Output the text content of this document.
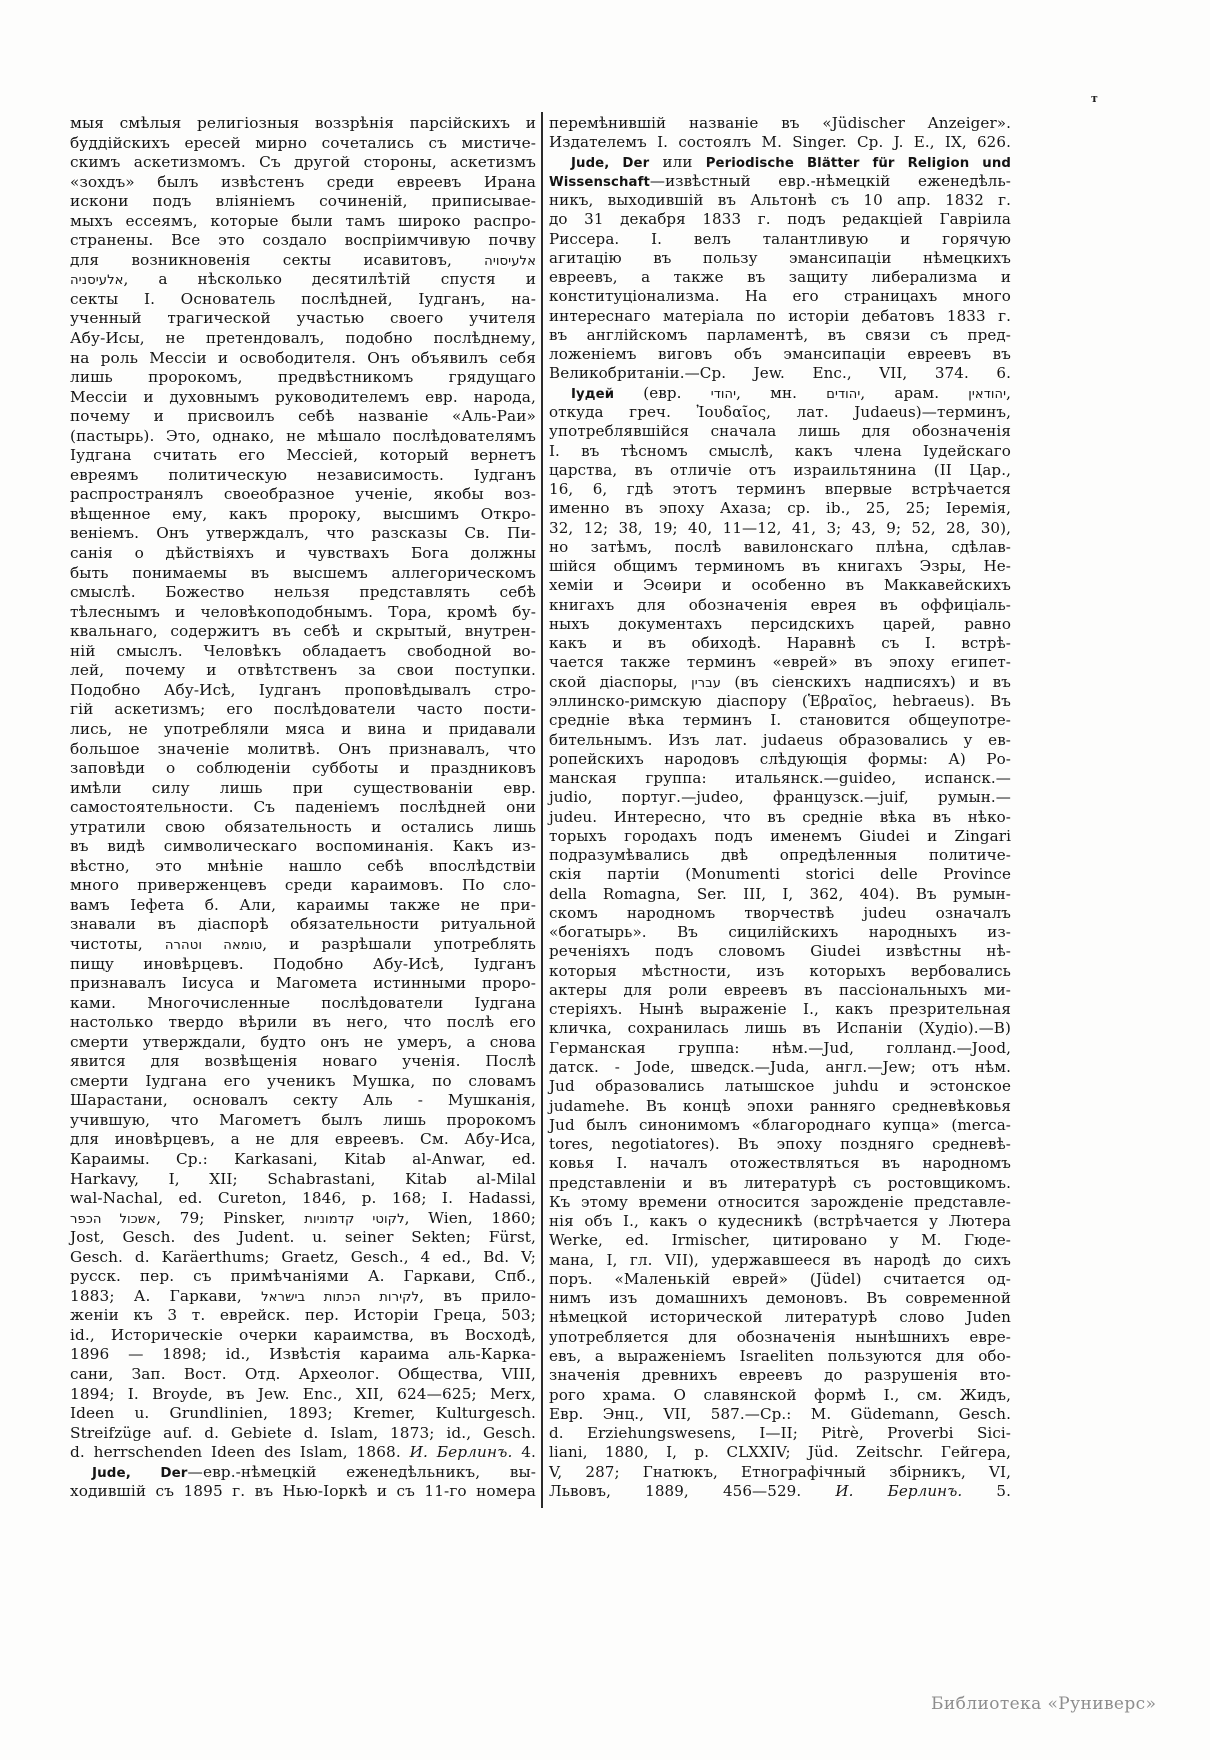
т
мыя смѣлыя религіозныя воззрѣнія парсійскихъ и
буддійскихъ ересей мирно сочетались съ мистиче-
скимъ аскетизмомъ. Съ другой стороны, аскетизмъ
«зохдъ» былъ извѣстенъ среди евреевъ Ирана
искони подъ вліяніемъ сочиненій, приписывае-
мыхъ ессеямъ, которые были тамъ широко распро-
странены. Все это создало воспріимчивую почву
для возникновенія секты исавитовъ, אלעיסויה
אלעיסניה, а нѣсколько десятилѣтій спустя и
секты І. Основатель послѣдней, Іудганъ, на-
ученный трагической участью своего учителя
Абу-Исы, не претендовалъ, подобно послѣднему,
на роль Мессіи и освободителя. Онъ объявилъ себя
лишь пророкомъ, предвѣстникомъ грядущаго
Мессіи и духовнымъ руководителемъ евр. народа,
почему и присвоилъ себѣ названіе «Аль-Раи»
(пастырь). Это, однако, не мѣшало послѣдователямъ
Іудгана считать его Мессіей, который вернетъ
евреямъ политическую независимость. Іудганъ
распространялъ своеобразное ученіе, якобы воз-
вѣщенное ему, какъ пророку, высшимъ Откро-
веніемъ. Онъ утверждалъ, что разсказы Св. Пи-
санія о дѣйствіяхъ и чувствахъ Бога должны
быть понимаемы въ высшемъ аллегорическомъ
смыслѣ. Божество нельзя представлять себѣ
тѣлеснымъ и человѣкоподобнымъ. Тора, кромѣ бу-
квальнаго, содержитъ въ себѣ и скрытый, внутрен-
ній смыслъ. Человѣкъ обладаетъ свободной во-
лей, почему и отвѣтственъ за свои поступки.
Подобно Абу-Исѣ, Іудганъ проповѣдывалъ стро-
гій аскетизмъ; его послѣдователи часто пости-
лись, не употребляли мяса и вина и придавали
большое значеніе молитвѣ. Онъ признавалъ, что
заповѣди о соблюденіи субботы и праздниковъ
имѣли силу лишь при существованіи евр.
самостоятельности. Съ паденіемъ послѣдней они
утратили свою обязательность и остались лишь
въ видѣ символическаго воспоминанія. Какъ из-
вѣстно, это мнѣніе нашло себѣ впослѣдствіи
много приверженцевъ среди караимовъ. По сло-
вамъ Іефета б. Али, караимы также не при-
знавали въ діаспорѣ обязательности ритуальной
чистоты, טומאה וטהרה, и разрѣшали употреблять
пищу иновѣрцевъ. Подобно Абу-Исѣ, Іудганъ
признавалъ Іисуса и Магомета истинными проро-
ками. Многочисленные послѣдователи Іудгана
настолько твердо вѣрили въ него, что послѣ его
смерти утверждали, будто онъ не умеръ, а снова
явится для возвѣщенія новаго ученія. Послѣ
смерти Іудгана его ученикъ Мушка, по словамъ
Шарастани, основалъ секту Аль - Мушканія,
учившую, что Магометъ былъ лишь пророкомъ
для иновѣрцевъ, а не для евреевъ. См. Абу-Иса,
Караимы. Ср.: Karkasani, Kitab al-Anwar, ed.
Harkavy, I, XII; Schabrastani, Kitab al-Milal
wal-Nachal, ed. Cureton, 1846, p. 168; I. Hadassi,
אשכול הכפר, 79; Pinsker, לקוטי קדמוניות, Wien, 1860;
Jost, Gesch. des Judent. u. seiner Sekten; Fürst,
Gesch. d. Karäerthums; Graetz, Gesch., 4 ed., Bd. V;
русск. пер. съ примѣчаніями А. Гаркави, Спб.,
1883; А. Гаркави, לקירות הכתות בישראל, въ прило-
женіи къ 3 т. еврейск. пер. Исторіи Греца, 503;
id., Историческіе очерки караимства, въ Восходѣ,
1896 — 1898; id., Извѣстія караима аль-Карка-
сани, Зап. Вост. Отд. Археолог. Общества, VIII,
1894; I. Broyde, въ Jew. Enc., XII, 624—625; Merx,
Ideen u. Grundlinien, 1893; Kremer, Kulturgesch.
Streifzüge auf. d. Gebiete d. Islam, 1873; id., Gesch.
d. herrschenden Ideen des Islam, 1868. И. Берлинъ. 4.
Jude, Der—евр.-нѣмецкій еженедѣльникъ, вы-
ходившій съ 1895 г. въ Нью-Іоркѣ и съ 11-го номера
перемѣнившій названіе въ «Jüdischer Anzeiger».
Издателемъ І. состоялъ M. Singer. Ср. J. E., IX, 626.
Jude, Der или Periodische Blätter für Religion und
Wissenschaft—извѣстный евр.-нѣмецкій еженедѣль-
никъ, выходившій въ Альтонѣ съ 10 апр. 1832 г.
до 31 декабря 1833 г. подъ редакціей Гавріила
Риссера. І. велъ талантливую и горячую
агитацію въ пользу эмансипаціи нѣмецкихъ
евреевъ, а также въ защиту либерализма и
конституціонализма. На его страницахъ много
интереснаго матеріала по исторіи дебатовъ 1833 г.
въ англійскомъ парламентѣ, въ связи съ пред-
ложеніемъ виговъ объ эмансипаціи евреевъ въ
Великобританіи.—Ср. Jew. Enc., VII, 374. 6.
Іудей (евр. יהודי, мн. יהודים, арам. יהודאין,
откуда греч. Ἰουδαῖος, лат. Judaeus)—терминъ,
употреблявшійся сначала лишь для обозначенія
І. въ тѣсномъ смыслѣ, какъ члена Іудейскаго
царства, въ отличіе отъ израильтянина (II Цар.,
16, 6, гдѣ этотъ терминъ впервые встрѣчается
именно въ эпоху Ахаза; ср. ib., 25, 25; Іеремія,
32, 12; 38, 19; 40, 11—12, 41, 3; 43, 9; 52, 28, 30),
но затѣмъ, послѣ вавилонскаго плѣна, сдѣлав-
шійся общимъ терминомъ въ книгахъ Эзры, Не-
хеміи и Эсѳири и особенно въ Маккавейскихъ
книгахъ для обозначенія еврея въ оффиціаль-
ныхъ документахъ персидскихъ царей, равно
какъ и въ обиходѣ. Наравнѣ съ І. встрѣ-
чается также терминъ «еврей» въ эпоху египет-
ской діаспоры, עברין (въ сіенскихъ надписяхъ) и въ
эллинско-римскую діаспору (Ἑβραῖος, hebraeus). Въ
средніе вѣка терминъ І. становится общеупотре-
бительнымъ. Изъ лат. judaeus образовались у ев-
ропейскихъ народовъ слѣдующія формы: А) Ро-
манская группа: итальянск.—guideo, испанск.—
judio, португ.—judeo, французск.—juif, румын.—
judeu. Интересно, что въ средніе вѣка въ нѣко-
торыхъ городахъ подъ именемъ Giudei и Zingari
подразумѣвались двѣ опредѣленныя политиче-
скія партіи (Monumenti storici delle Province
della Romagna, Ser. III, I, 362, 404). Въ румын-
скомъ народномъ творчествѣ judeu означалъ
«богатырь». Въ сицилійскихъ народныхъ из-
реченіяхъ подъ словомъ Giudei извѣстны нѣ-
которыя мѣстности, изъ которыхъ вербовались
актеры для роли евреевъ въ пассіональныхъ ми-
стеріяхъ. Нынѣ выраженіе І., какъ презрительная
кличка, сохранилась лишь въ Испаніи (Худіо).—В)
Германская группа: нѣм.—Jud, голланд.—Jood,
датск. - Jode, шведск.—Juda, англ.—Jew; отъ нѣм.
Jud образовались латышское juhdu и эстонское
judamehe. Въ концѣ эпохи ранняго средневѣковья
Jud былъ синонимомъ «благороднаго купца» (merca-
tores, negotiatores). Въ эпоху поздняго средневѣ-
ковья І. началъ отожествляться въ народномъ
представленіи и въ литературѣ съ ростовщикомъ.
Къ этому времени относится зарожденіе представле-
нія объ І., какъ о кудесникѣ (встрѣчается у Лютера
Werke, ed. Irmischer, цитировано у М. Гюде-
мана, І, гл. VII), удержавшееся въ народѣ до сихъ
поръ. «Маленькій еврей» (Jüdel) считается од-
нимъ изъ домашнихъ демоновъ. Въ современной
нѣмецкой исторической литературѣ слово Juden
употребляется для обозначенія нынѣшнихъ евре-
евъ, а выраженіемъ Israeliten пользуются для обо-
значенія древнихъ евреевъ до разрушенія вто-
рого храма. О славянской формѣ І., см. Жидъ,
Евр. Энц., VII, 587.—Ср.: M. Güdemann, Gesch.
d. Erziehungswesens, I—II; Pitrè, Proverbi Sici-
liani, 1880, I, p. CLXXIV; Jüd. Zeitschr. Гейгера,
V, 287; Гнатюкъ, Етнографічный збірникъ, VI,
Львовъ, 1889, 456—529. И. Берлинъ. 5.
Библиотека «Руниверс»
